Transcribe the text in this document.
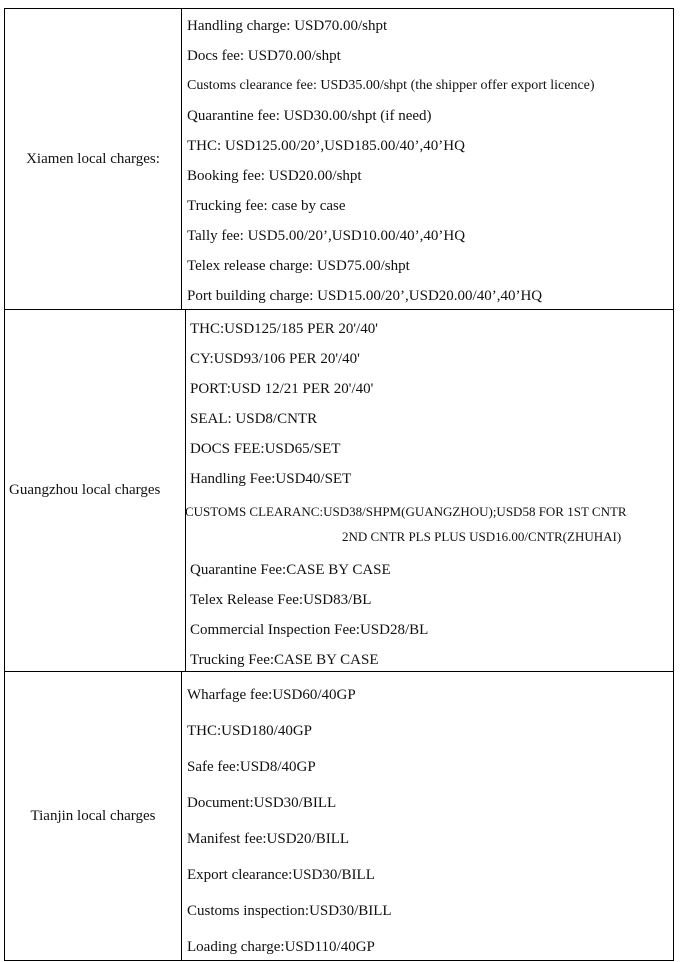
Xiamen local charges:
Handling charge: USD70.00/shpt
Docs fee: USD70.00/shpt
Customs clearance fee: USD35.00/shpt (the shipper offer export licence)
Quarantine fee: USD30.00/shpt (if need)
THC: USD125.00/20’,USD185.00/40’,40’HQ
Booking fee: USD20.00/shpt
Trucking fee: case by case
Tally fee: USD5.00/20’,USD10.00/40’,40’HQ
Telex release charge: USD75.00/shpt
Port building charge: USD15.00/20’,USD20.00/40’,40’HQ
Guangzhou local charges
THC:USD125/185 PER 20'/40'
CY:USD93/106 PER 20'/40'
PORT:USD 12/21 PER 20'/40'
SEAL: USD8/CNTR
DOCS FEE:USD65/SET
Handling Fee:USD40/SET
CUSTOMS CLEARANC:USD38/SHPM(GUANGZHOU);USD58 FOR 1ST CNTR
2ND CNTR PLS PLUS USD16.00/CNTR(ZHUHAI)
Quarantine Fee:CASE BY CASE
Telex Release Fee:USD83/BL
Commercial Inspection Fee:USD28/BL
Trucking Fee:CASE BY CASE
Tianjin local charges
Wharfage fee:USD60/40GP
THC:USD180/40GP
Safe fee:USD8/40GP
Document:USD30/BILL
Manifest fee:USD20/BILL
Export clearance:USD30/BILL
Customs inspection:USD30/BILL
Loading charge:USD110/40GP
